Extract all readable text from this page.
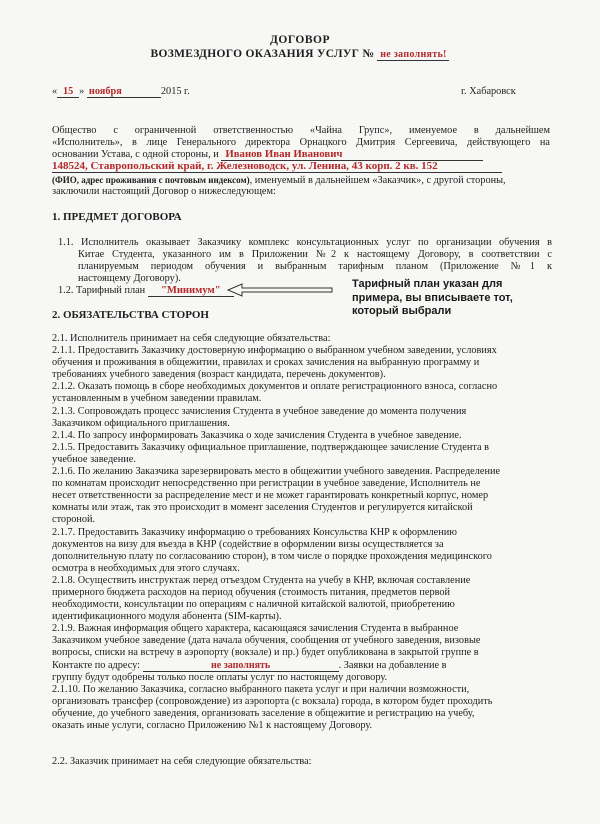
ДОГОВОР
ВОЗМЕЗДНОГО ОКАЗАНИЯ УСЛУГ № не заполнять!
« 15 » ноября	2015 г.	г. Хабаровск
Общество с ограниченной ответственностью «Чайна Групс», именуемое в дальнейшем
«Исполнитель», в лице Генерального директора Орнацкого Дмитрия Сергеевича, действующего на
основании Устава, с одной стороны, и Иванов Иван Иванович
148524, Ставропольский край, г. Железноводск, ул. Ленина, 43 корп. 2 кв. 152
(ФИО, адрес проживания с почтовым индексом), именуемый в дальнейшем «Заказчик», с другой стороны,
заключили настоящий Договор о нижеследующем:
1. ПРЕДМЕТ ДОГОВОРА
1.1. Исполнитель оказывает Заказчику комплекс консультационных услуг по организации обучения в
Китае Студента, указанного им в Приложении №2 к настоящему Договору, в соответствии с
планируемым периодом обучения и выбранным тарифным планом (Приложение №1 к
настоящему Договору).
1.2. Тарифный план "Минимум"
Тарифный план указан для
примера, вы вписываете тот,
который выбрали
2. ОБЯЗАТЕЛЬСТВА СТОРОН

2.1. Исполнитель принимает на себя следующие обязательства:

2.1.1. Предоставить Заказчику достоверную информацию о выбранном учебном заведении, условиях

обучения и проживания в общежитии, правилах и сроках зачисления на выбранную программу и

требованиях учебного заведения (возраст кандидата, перечень документов).

2.1.2. Оказать помощь в сборе необходимых документов и оплате регистрационного взноса, согласно

установленным в учебном заведении правилам.

2.1.3. Сопровождать процесс зачисления Студента в учебное заведение до момента получения

Заказчиком официального приглашения.

2.1.4. По запросу информировать Заказчика о ходе зачисления Студента в учебное заведение.

2.1.5. Предоставить Заказчику официальное приглашение, подтверждающее зачисление Студента в

учебное заведение.

2.1.6. По желанию Заказчика зарезервировать место в общежитии учебного заведения. Распределение

по комнатам происходит непосредственно при регистрации в учебное заведение, Исполнитель не

несет ответственности за распределение мест и не может гарантировать конкретный корпус, номер

комнаты или этаж, так это происходит в момент заселения Студентов и регулируется китайской

стороной.

2.1.7. Предоставить Заказчику информацию о требованиях Консульства КНР к оформлению

документов на визу для въезда в КНР (содействие в оформлении визы осуществляется за

дополнительную плату по согласованию сторон), в том числе о порядке прохождения медицинского

осмотра в необходимых для этого случаях.

2.1.8. Осуществить инструктаж перед отъездом Студента на учебу в КНР, включая составление

примерного бюджета расходов на период обучения (стоимость питания, предметов первой

необходимости, консультации по операциям с наличной китайской валютой, приобретению

идентификационного модуля абонента (SIM-карты).

2.1.9. Важная информация общего характера, касающаяся зачисления Студента в выбранное

Заказчиком учебное заведение (дата начала обучения, сообщения от учебного заведения, визовые

вопросы, списки на встречу в аэропорту (вокзале) и пр.) будет опубликована в закрытой группе в

Контакте по адресу:	не заполнять	. Заявки на добавление в

группу будут одобрены только после оплаты услуг по настоящему договору.

2.1.10. По желанию Заказчика, согласно выбранного пакета услуг и при наличии возможности,

организовать трансфер (сопровождение) из аэропорта (с вокзала) города, в котором будет проходить

обучение, до учебного заведения, организовать заселение в общежитие и регистрацию на учебу,

оказать иные услуги, согласно Приложению №1 к настоящему Договору.

2.2. Заказчик принимает на себя следующие обязательства:
